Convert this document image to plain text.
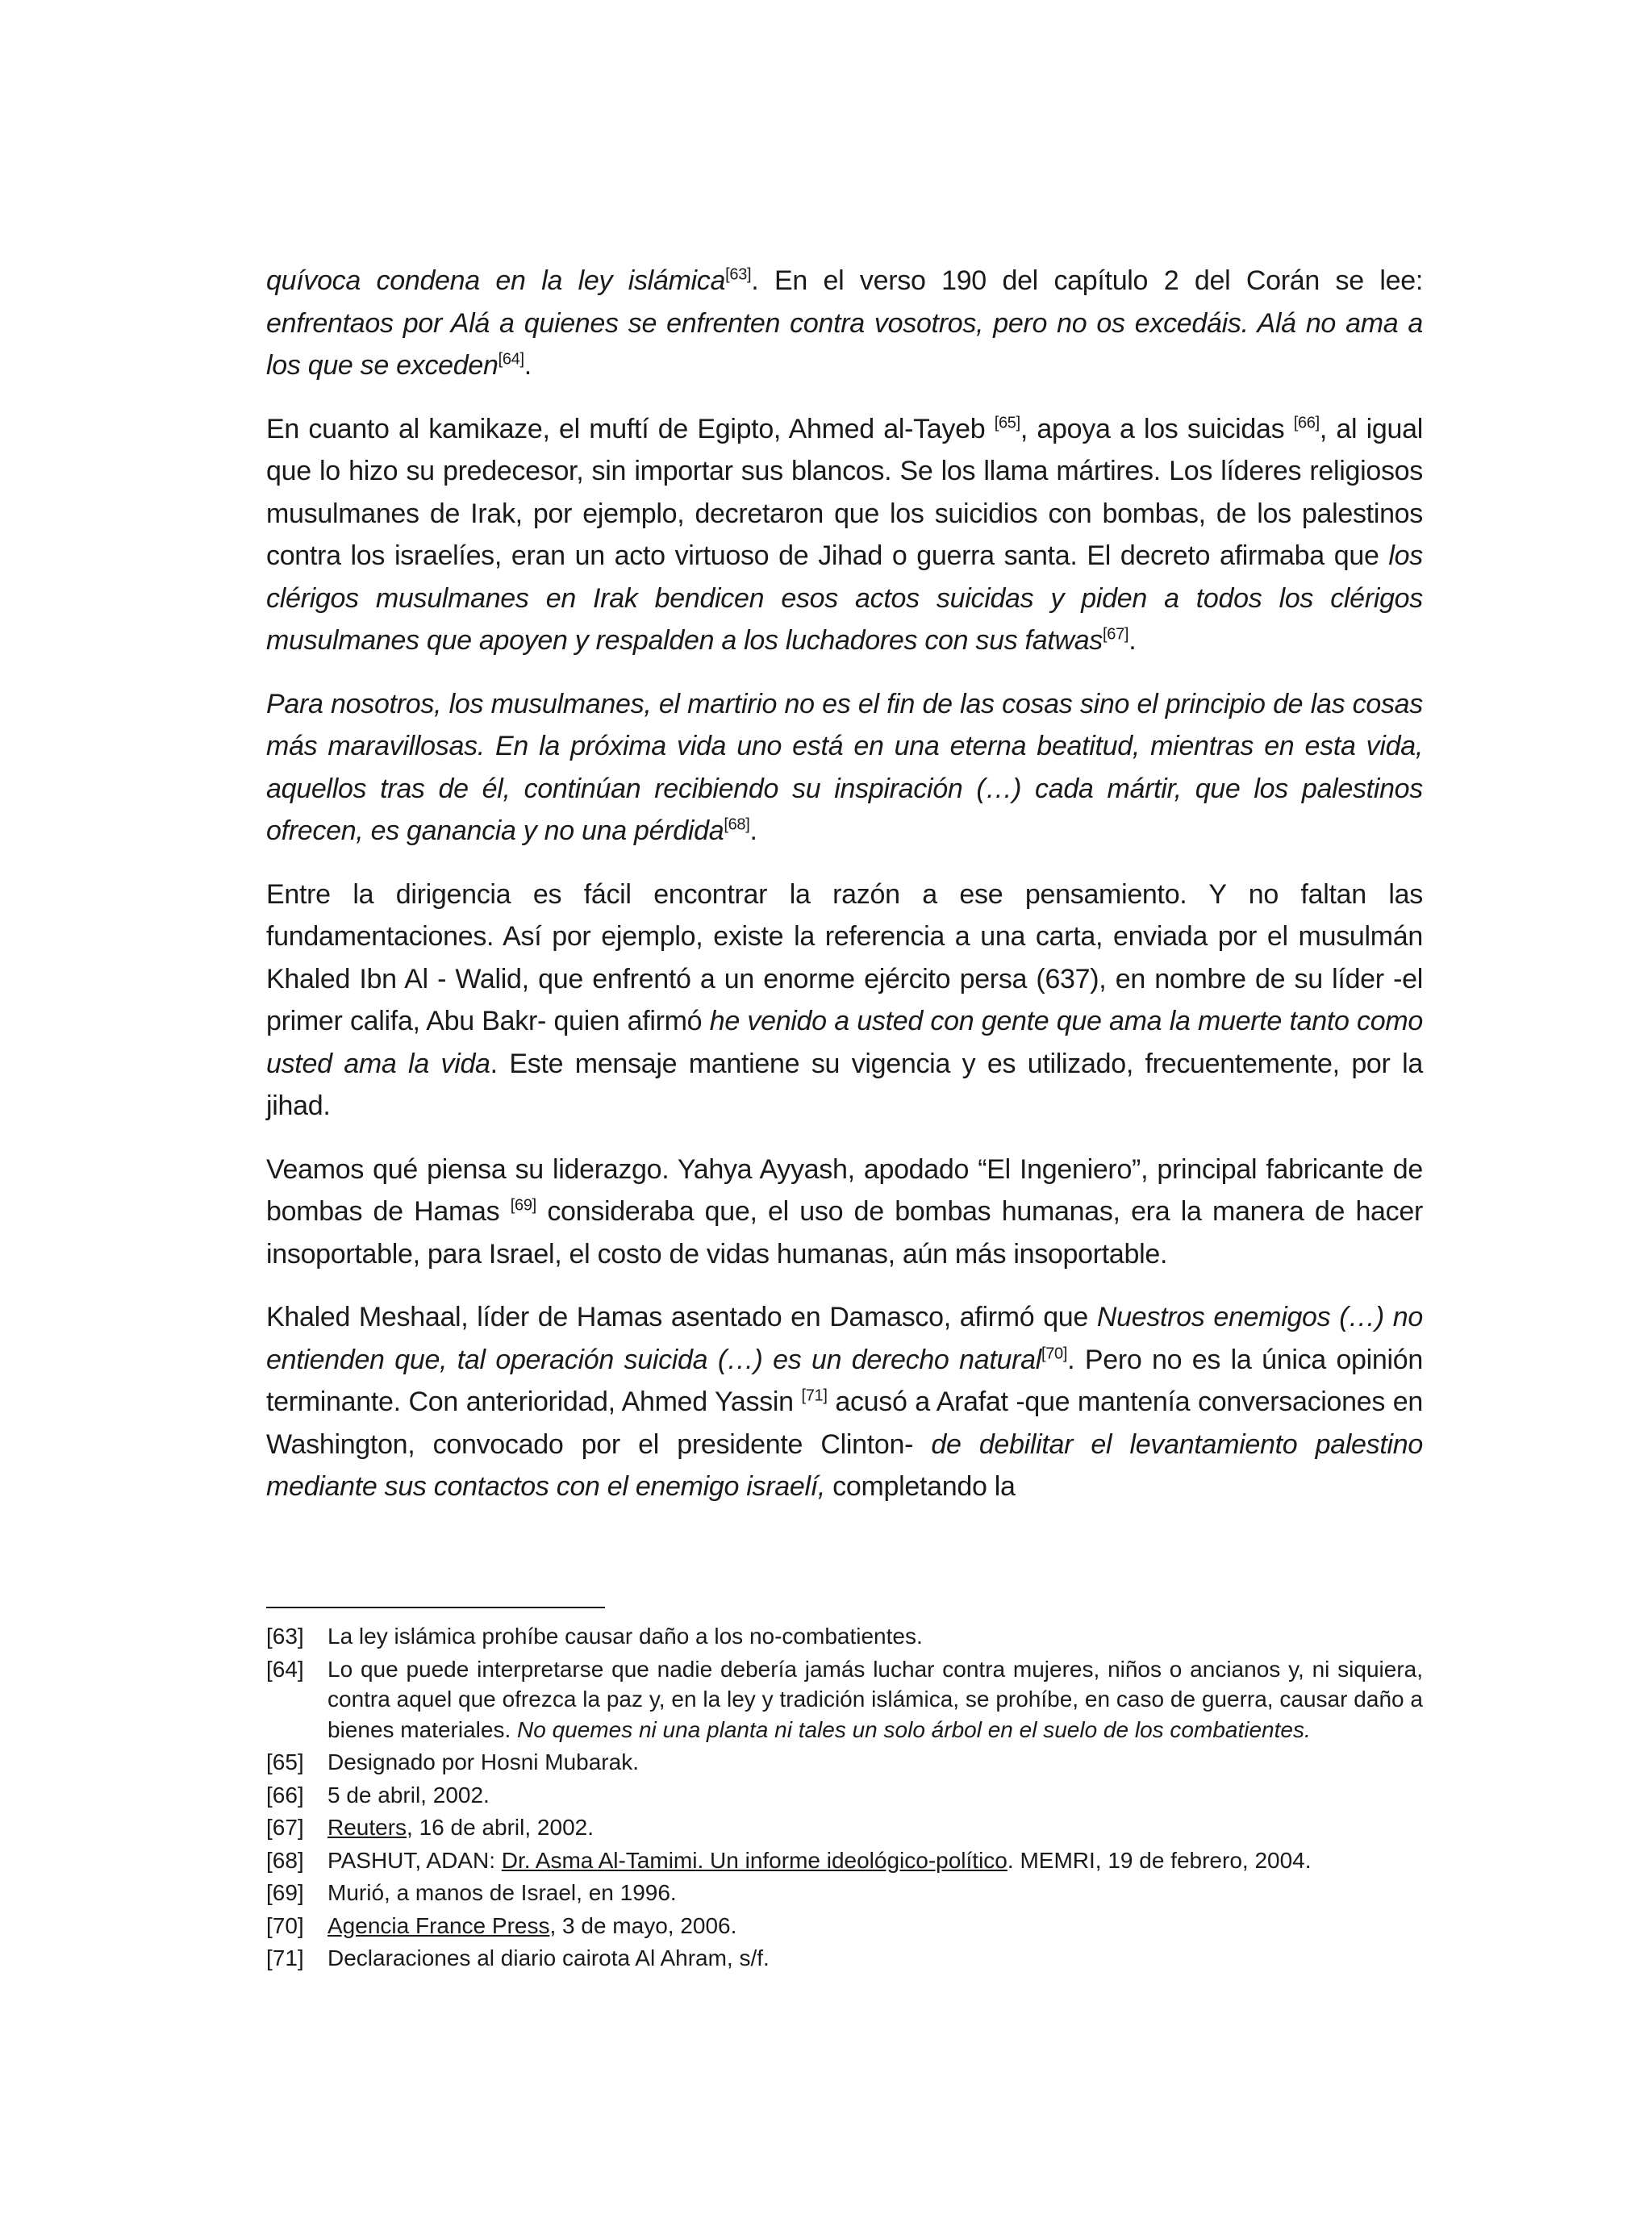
quívoca condena en la ley islámica[63]. En el verso 190 del capítulo 2 del Corán se lee: enfrentaos por Alá a quienes se enfrenten contra vosotros, pero no os excedáis. Alá no ama a los que se exceden[64].

En cuanto al kamikaze, el muftí de Egipto, Ahmed al-Tayeb [65], apoya a los suicidas [66], al igual que lo hizo su predecesor, sin importar sus blancos. Se los llama mártires. Los líderes religiosos musulmanes de Irak, por ejemplo, decretaron que los suicidios con bombas, de los palestinos contra los israelíes, eran un acto virtuoso de Jihad o guerra santa. El decreto afirmaba que los clérigos musulmanes en Irak bendicen esos actos suicidas y piden a todos los clérigos musulmanes que apoyen y respalden a los luchadores con sus fatwas[67].

Para nosotros, los musulmanes, el martirio no es el fin de las cosas sino el principio de las cosas más maravillosas. En la próxima vida uno está en una eterna beatitud, mientras en esta vida, aquellos tras de él, continúan recibiendo su inspiración (…) cada mártir, que los palestinos ofrecen, es ganancia y no una pérdida[68].

Entre la dirigencia es fácil encontrar la razón a ese pensamiento. Y no faltan las fundamentaciones. Así por ejemplo, existe la referencia a una carta, enviada por el musulmán Khaled Ibn Al - Walid, que enfrentó a un enorme ejército persa (637), en nombre de su líder -el primer califa, Abu Bakr- quien afirmó he venido a usted con gente que ama la muerte tanto como usted ama la vida. Este mensaje mantiene su vigencia y es utilizado, frecuentemente, por la jihad.

Veamos qué piensa su liderazgo. Yahya Ayyash, apodado “El Ingeniero”, principal fabricante de bombas de Hamas [69] consideraba que, el uso de bombas humanas, era la manera de hacer insoportable, para Israel, el costo de vidas humanas, aún más insoportable.

Khaled Meshaal, líder de Hamas asentado en Damasco, afirmó que Nuestros enemigos (…) no entienden que, tal operación suicida (…) es un derecho natural[70]. Pero no es la única opinión terminante. Con anterioridad, Ahmed Yassin [71] acusó a Arafat -que mantenía conversaciones en Washington, convocado por el presidente Clinton- de debilitar el levantamiento palestino mediante sus contactos con el enemigo israelí, completando la

[63]	La ley islámica prohíbe causar daño a los no-combatientes.
[64]	Lo que puede interpretarse que nadie debería jamás luchar contra mujeres, niños o ancianos y, ni siquiera, contra aquel que ofrezca la paz y, en la ley y tradición islámica, se prohíbe, en caso de guerra, causar daño a bienes materiales. No quemes ni una planta ni tales un solo árbol en el suelo de los combatientes.
[65]	Designado por Hosni Mubarak.
[66]	5 de abril, 2002.
[67]	Reuters, 16 de abril, 2002.
[68]	PASHUT, ADAN: Dr. Asma Al-Tamimi. Un informe ideológico-político. MEMRI, 19 de febrero, 2004.
[69]	Murió, a manos de Israel, en 1996.
[70]	Agencia France Press, 3 de mayo, 2006.
[71]	Declaraciones al diario cairota Al Ahram, s/f.
